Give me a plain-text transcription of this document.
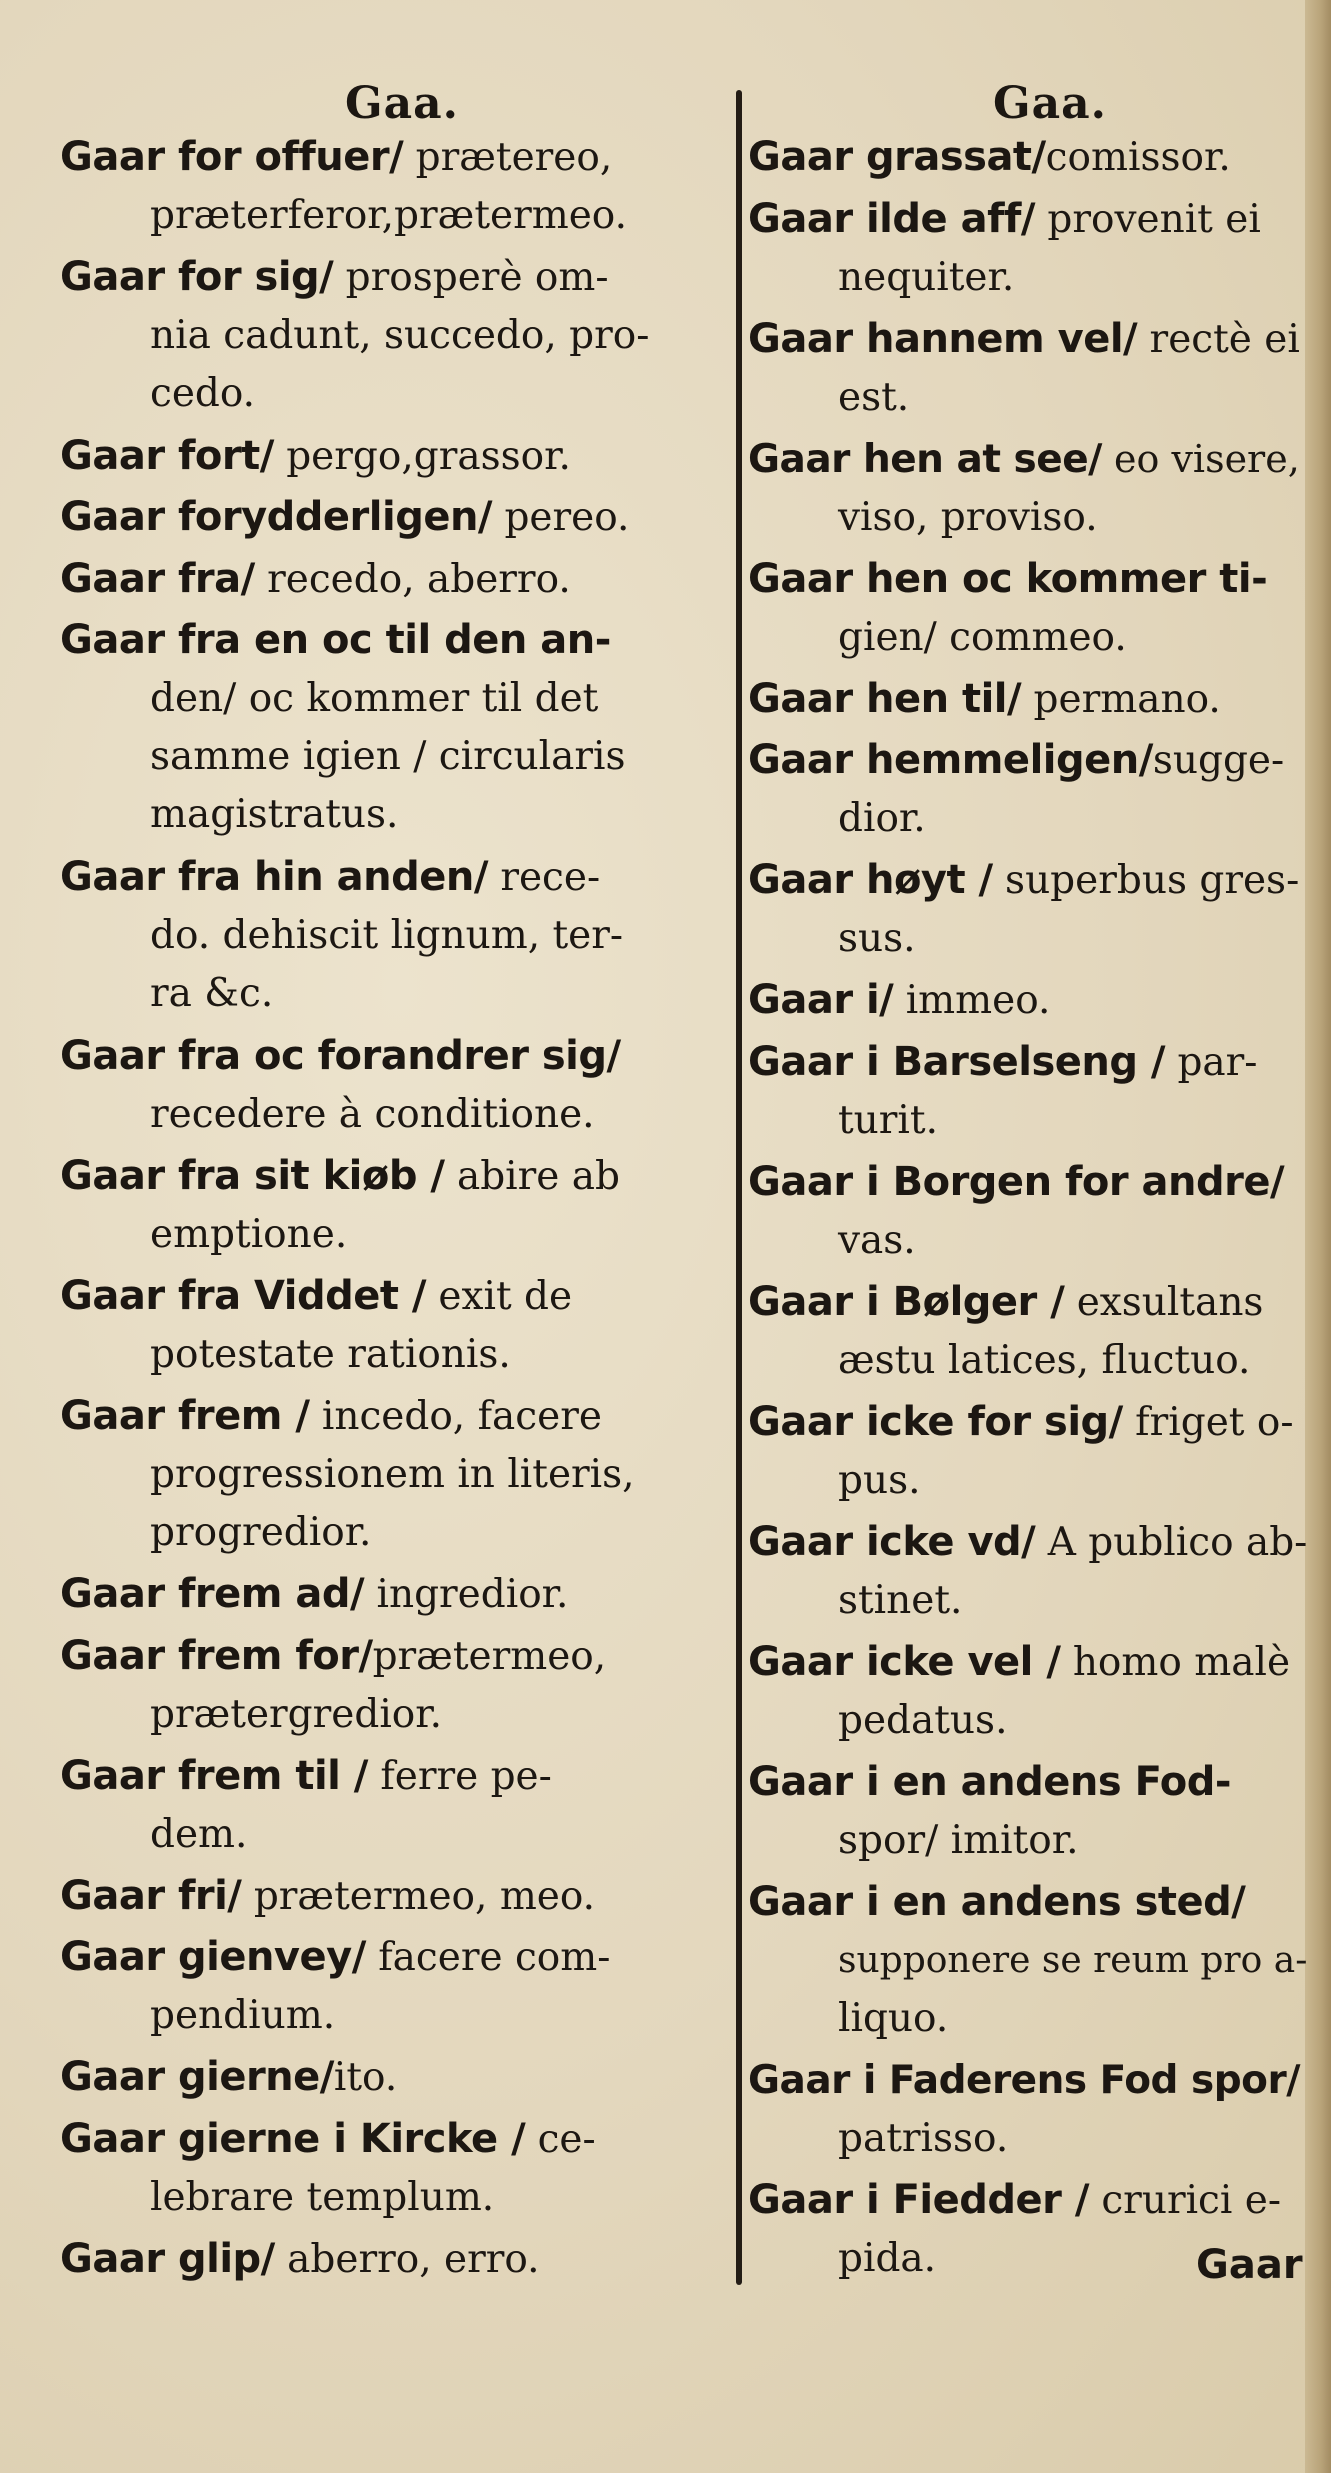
Gaa.
Gaar for offuer/ prætereo,
præterferor,prætermeo.
Gaar for sig/ prosperè om-
nia cadunt, succedo, pro-
cedo.
Gaar fort/ pergo,grassor.
Gaar forydderligen/ pereo.
Gaar fra/ recedo, aberro.
Gaar fra en oc til den an-
den/ oc kommer til det
samme igien / circularis
magistratus.
Gaar fra hin anden/ rece-
do. dehiscit lignum, ter-
ra &c.
Gaar fra oc forandrer sig/
recedere à conditione.
Gaar fra sit kiøb / abire ab
emptione.
Gaar fra Viddet / exit de
potestate rationis.
Gaar frem / incedo, facere
progressionem in literis,
progredior.
Gaar frem ad/ ingredior.
Gaar frem for/prætermeo,
prætergredior.
Gaar frem til / ferre pe-
dem.
Gaar fri/ prætermeo, meo.
Gaar gienvey/ facere com-
pendium.
Gaar gierne/ito.
Gaar gierne i Kircke / ce-
lebrare templum.
Gaar glip/ aberro, erro.
Gaa.
Gaar grassat/comissor.
Gaar ilde aff/ provenit ei
nequiter.
Gaar hannem vel/ rectè ei
est.
Gaar hen at see/ eo visere,
viso, proviso.
Gaar hen oc kommer ti-
gien/ commeo.
Gaar hen til/ permano.
Gaar hemmeligen/sugge-
dior.
Gaar høyt / superbus gres-
sus.
Gaar i/ immeo.
Gaar i Barselseng / par-
turit.
Gaar i Borgen for andre/
vas.
Gaar i Bølger / exsultans
æstu latices, fluctuo.
Gaar icke for sig/ friget o-
pus.
Gaar icke vd/ A publico ab-
stinet.
Gaar icke vel / homo malè
pedatus.
Gaar i en andens Fod-
spor/ imitor.
Gaar i en andens sted/
supponere se reum pro a-
liquo.
Gaar i Faderens Fod spor/
patrisso.
Gaar i Fiedder / crurici e-
pida.	Gaar
